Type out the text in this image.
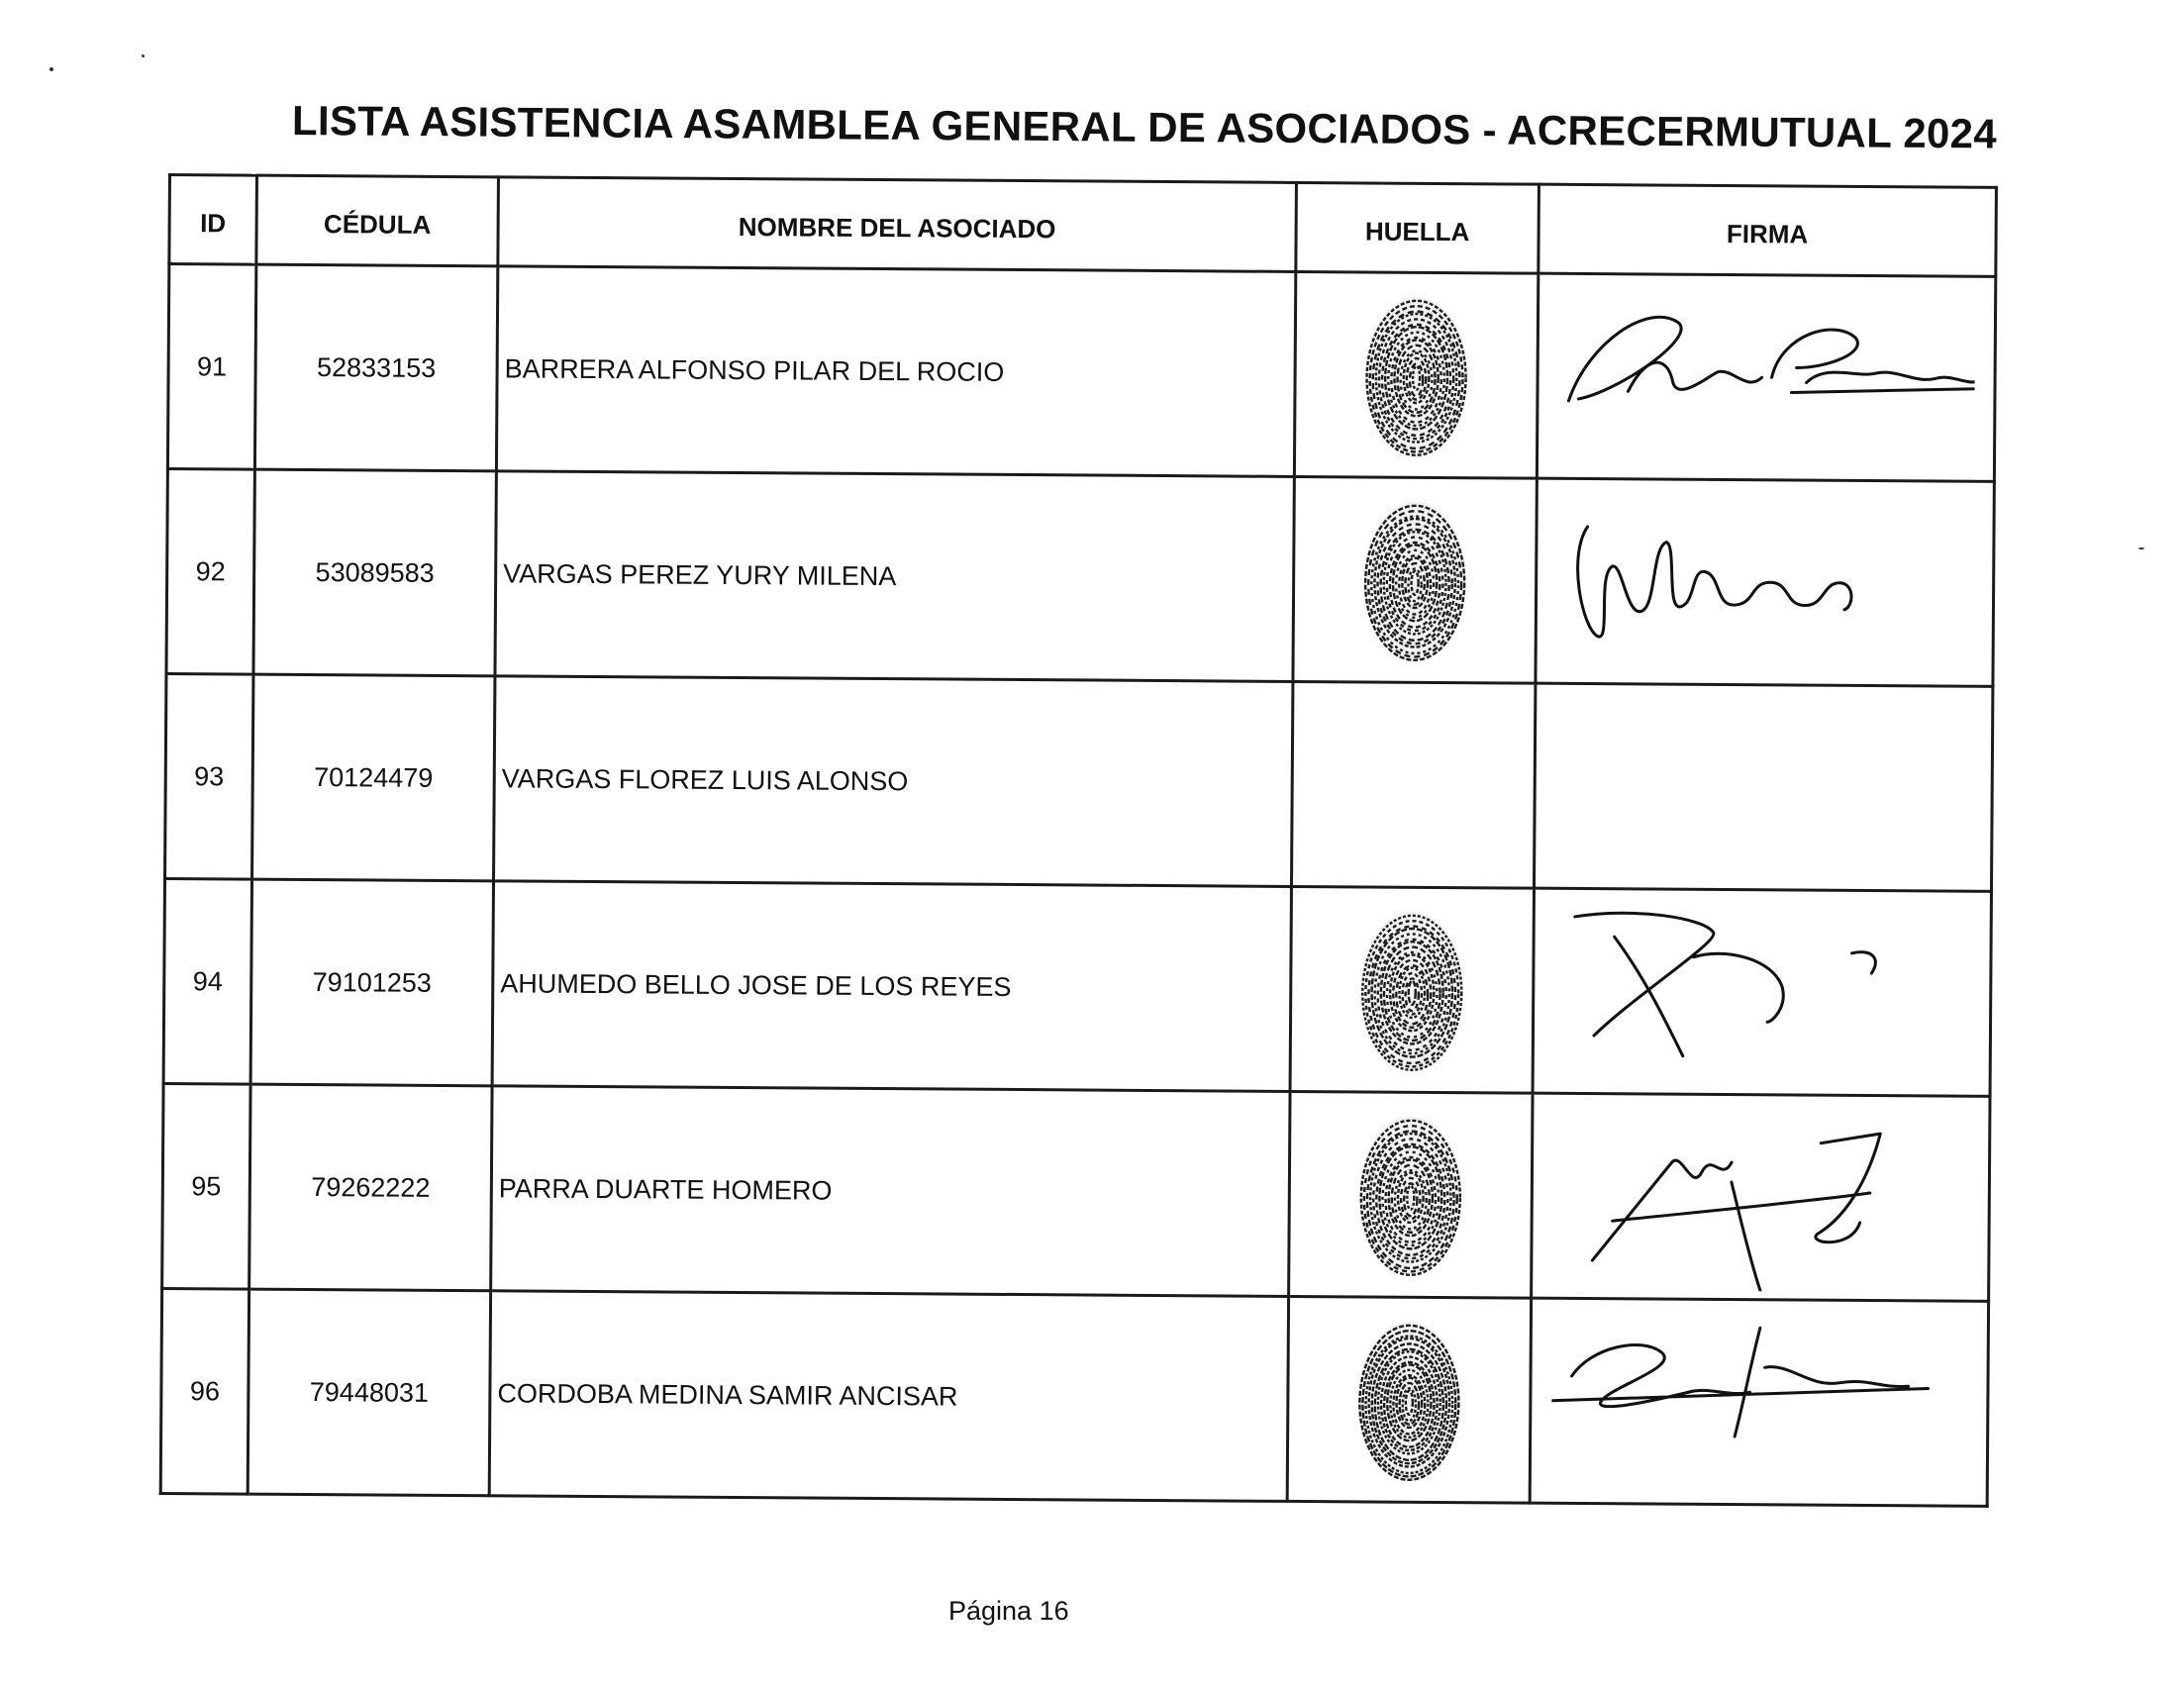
LISTA ASISTENCIA ASAMBLEA GENERAL DE ASOCIADOS - ACRECERMUTUAL 2024
ID	CÉDULA	NOMBRE DEL ASOCIADO	HUELLA	FIRMA
91	52833153	BARRERA ALFONSO PILAR DEL ROCIO	

92	53089583	VARGAS PEREZ YURY MILENA	

93	70124479	VARGAS FLOREZ LUIS ALONSO		
94	79101253	AHUMEDO BELLO JOSE DE LOS REYES	

95	79262222	PARRA DUARTE HOMERO	

96	79448031	CORDOBA MEDINA SAMIR ANCISAR	

Página 16
